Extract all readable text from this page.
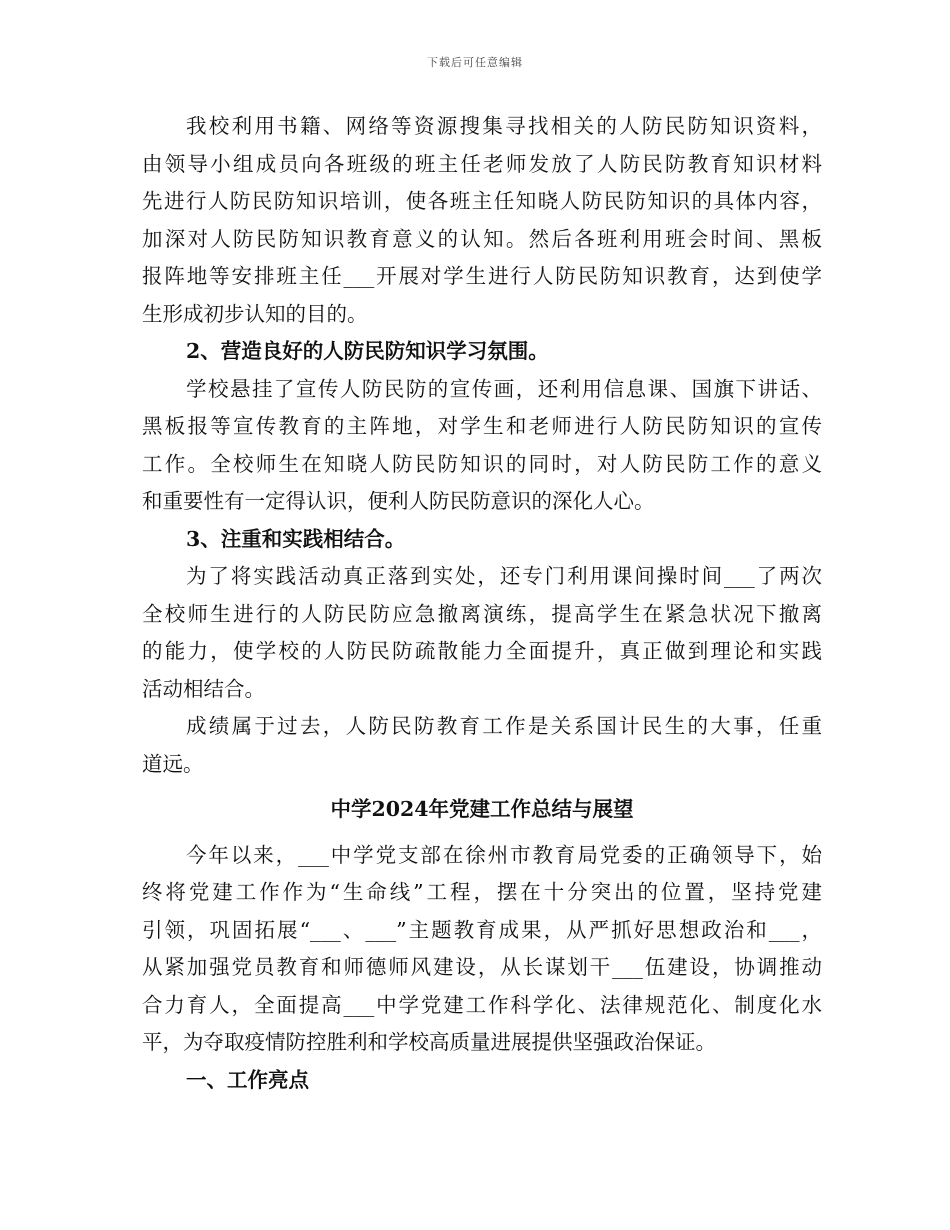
下载后可任意编辑
我校利用书籍、网络等资源搜集寻找相关的人防民防知识资料，
由领导小组成员向各班级的班主任老师发放了人防民防教育知识材料
先进行人防民防知识培训，使各班主任知晓人防民防知识的具体内容，
加深对人防民防知识教育意义的认知。然后各班利用班会时间、黑板
报阵地等安排班主任___开展对学生进行人防民防知识教育，达到使学
生形成初步认知的目的。
2、营造良好的人防民防知识学习氛围。
学校悬挂了宣传人防民防的宣传画，还利用信息课、国旗下讲话、
黑板报等宣传教育的主阵地，对学生和老师进行人防民防知识的宣传
工作。全校师生在知晓人防民防知识的同时，对人防民防工作的意义
和重要性有一定得认识，便利人防民防意识的深化人心。
3、注重和实践相结合。
为了将实践活动真正落到实处，还专门利用课间操时间___了两次
全校师生进行的人防民防应急撤离演练，提高学生在紧急状况下撤离
的能力，使学校的人防民防疏散能力全面提升，真正做到理论和实践
活动相结合。
成绩属于过去，人防民防教育工作是关系国计民生的大事，任重
道远。
中学2024年党建工作总结与展望
今年以来，___中学党支部在徐州市教育局党委的正确领导下，始
终将党建工作作为“生命线”工程，摆在十分突出的位置，坚持党建
引领，巩固拓展“___、___”主题教育成果，从严抓好思想政治和___，
从紧加强党员教育和师德师风建设，从长谋划干___伍建设，协调推动
合力育人，全面提高___中学党建工作科学化、法律规范化、制度化水
平，为夺取疫情防控胜利和学校高质量进展提供坚强政治保证。
一、工作亮点
